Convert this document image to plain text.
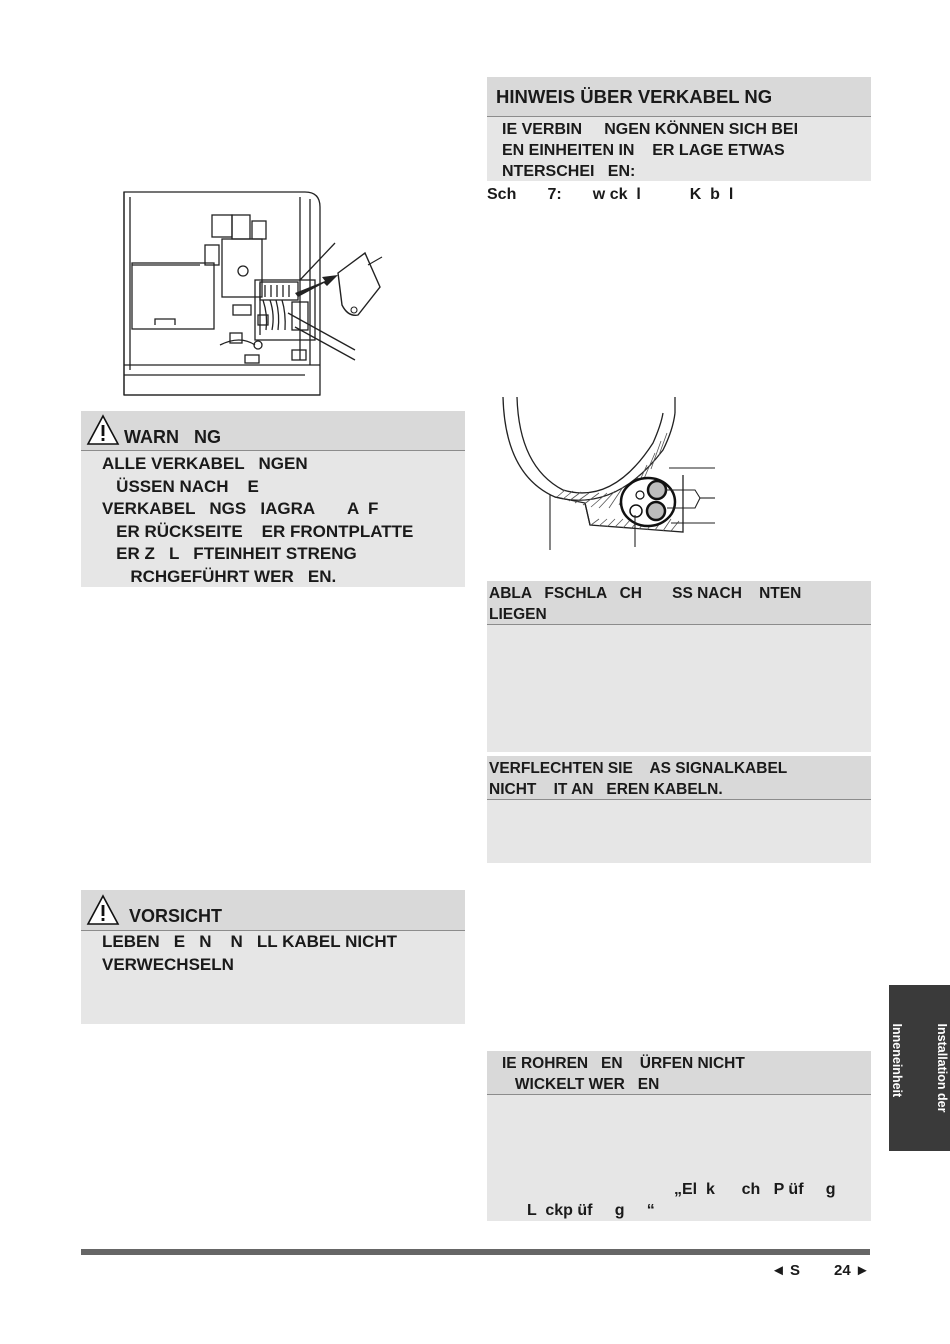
HINWEIS ÜBER VERKABEL NG
IE VERBIN     NGEN KÖNNEN SICH BEI
EN EINHEITEN IN    ER LAGE ETWAS
NTERSCHEI   EN:
Sch       7:       w ck  l           K  b  l
WARN   NG
ALLE VERKABEL   NGEN
ÜSSEN NACH    E
VERKABEL   NGS   IAGRA       A  F
ER RÜCKSEITE    ER FRONTPLATTE
ER Z   L   FTEINHEIT STRENG
RCHGEFÜHRT WER   EN.
ABLA   FSCHLA   CH       SS NACH    NTEN
LIEGEN
VERFLECHTEN SIE    AS SIGNALKABEL
NICHT    IT AN   EREN KABELN.
VORSICHT
LEBEN   E   N    N   LL KABEL NICHT
VERWECHSELN
IE ROHREN   EN    ÜRFEN NICHT
WICKELT WER   EN
„El  k      ch   P üf     g
L  ckp üf     g     “

Installation der

Inneneinheit

◄ S 24 ►
